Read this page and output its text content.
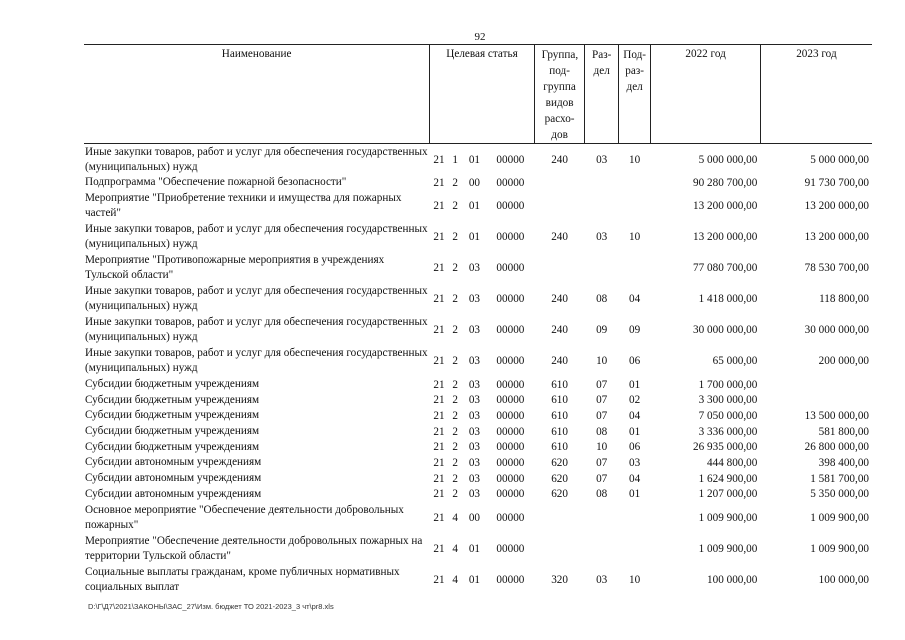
92
Наименование	Целевая статья				Группа, под- группа видов расхо- дов	Раз- дел	Под- раз- дел	2022 год	2023 год
Иные закупки товаров, работ и услуг для обеспечения государственных (муниципальных) нужд	21	1	01	00000	240	03	10	5 000 000,00	5 000 000,00
Подпрограмма "Обеспечение пожарной безопасности"	21	2	00	00000				90 280 700,00	91 730 700,00
Мероприятие "Приобретение техники и имущества для пожарных частей"	21	2	01	00000				13 200 000,00	13 200 000,00
Иные закупки товаров, работ и услуг для обеспечения государственных (муниципальных) нужд	21	2	01	00000	240	03	10	13 200 000,00	13 200 000,00
Мероприятие "Противопожарные мероприятия в учреждениях Тульской области"	21	2	03	00000				77 080 700,00	78 530 700,00
Иные закупки товаров, работ и услуг для обеспечения государственных (муниципальных) нужд	21	2	03	00000	240	08	04	1 418 000,00	118 800,00
Иные закупки товаров, работ и услуг для обеспечения государственных (муниципальных) нужд	21	2	03	00000	240	09	09	30 000 000,00	30 000 000,00
Иные закупки товаров, работ и услуг для обеспечения государственных (муниципальных) нужд	21	2	03	00000	240	10	06	65 000,00	200 000,00
Субсидии бюджетным учреждениям	21	2	03	00000	610	07	01	1 700 000,00	
Субсидии бюджетным учреждениям	21	2	03	00000	610	07	02	3 300 000,00	
Субсидии бюджетным учреждениям	21	2	03	00000	610	07	04	7 050 000,00	13 500 000,00
Субсидии бюджетным учреждениям	21	2	03	00000	610	08	01	3 336 000,00	581 800,00
Субсидии бюджетным учреждениям	21	2	03	00000	610	10	06	26 935 000,00	26 800 000,00
Субсидии автономным учреждениям	21	2	03	00000	620	07	03	444 800,00	398 400,00
Субсидии автономным учреждениям	21	2	03	00000	620	07	04	1 624 900,00	1 581 700,00
Субсидии автономным учреждениям	21	2	03	00000	620	08	01	1 207 000,00	5 350 000,00
Основное мероприятие "Обеспечение деятельности добровольных пожарных"	21	4	00	00000				1 009 900,00	1 009 900,00
Мероприятие "Обеспечение деятельности добровольных пожарных на территории Тульской области"	21	4	01	00000				1 009 900,00	1 009 900,00
Социальные выплаты гражданам, кроме публичных нормативных социальных выплат	21	4	01	00000	320	03	10	100 000,00	100 000,00
D:\Г\Д7\2021\ЗАКОНЫ\ЗАС_27\Изм. бюджет ТО 2021-2023_3 чт\pr8.xls
